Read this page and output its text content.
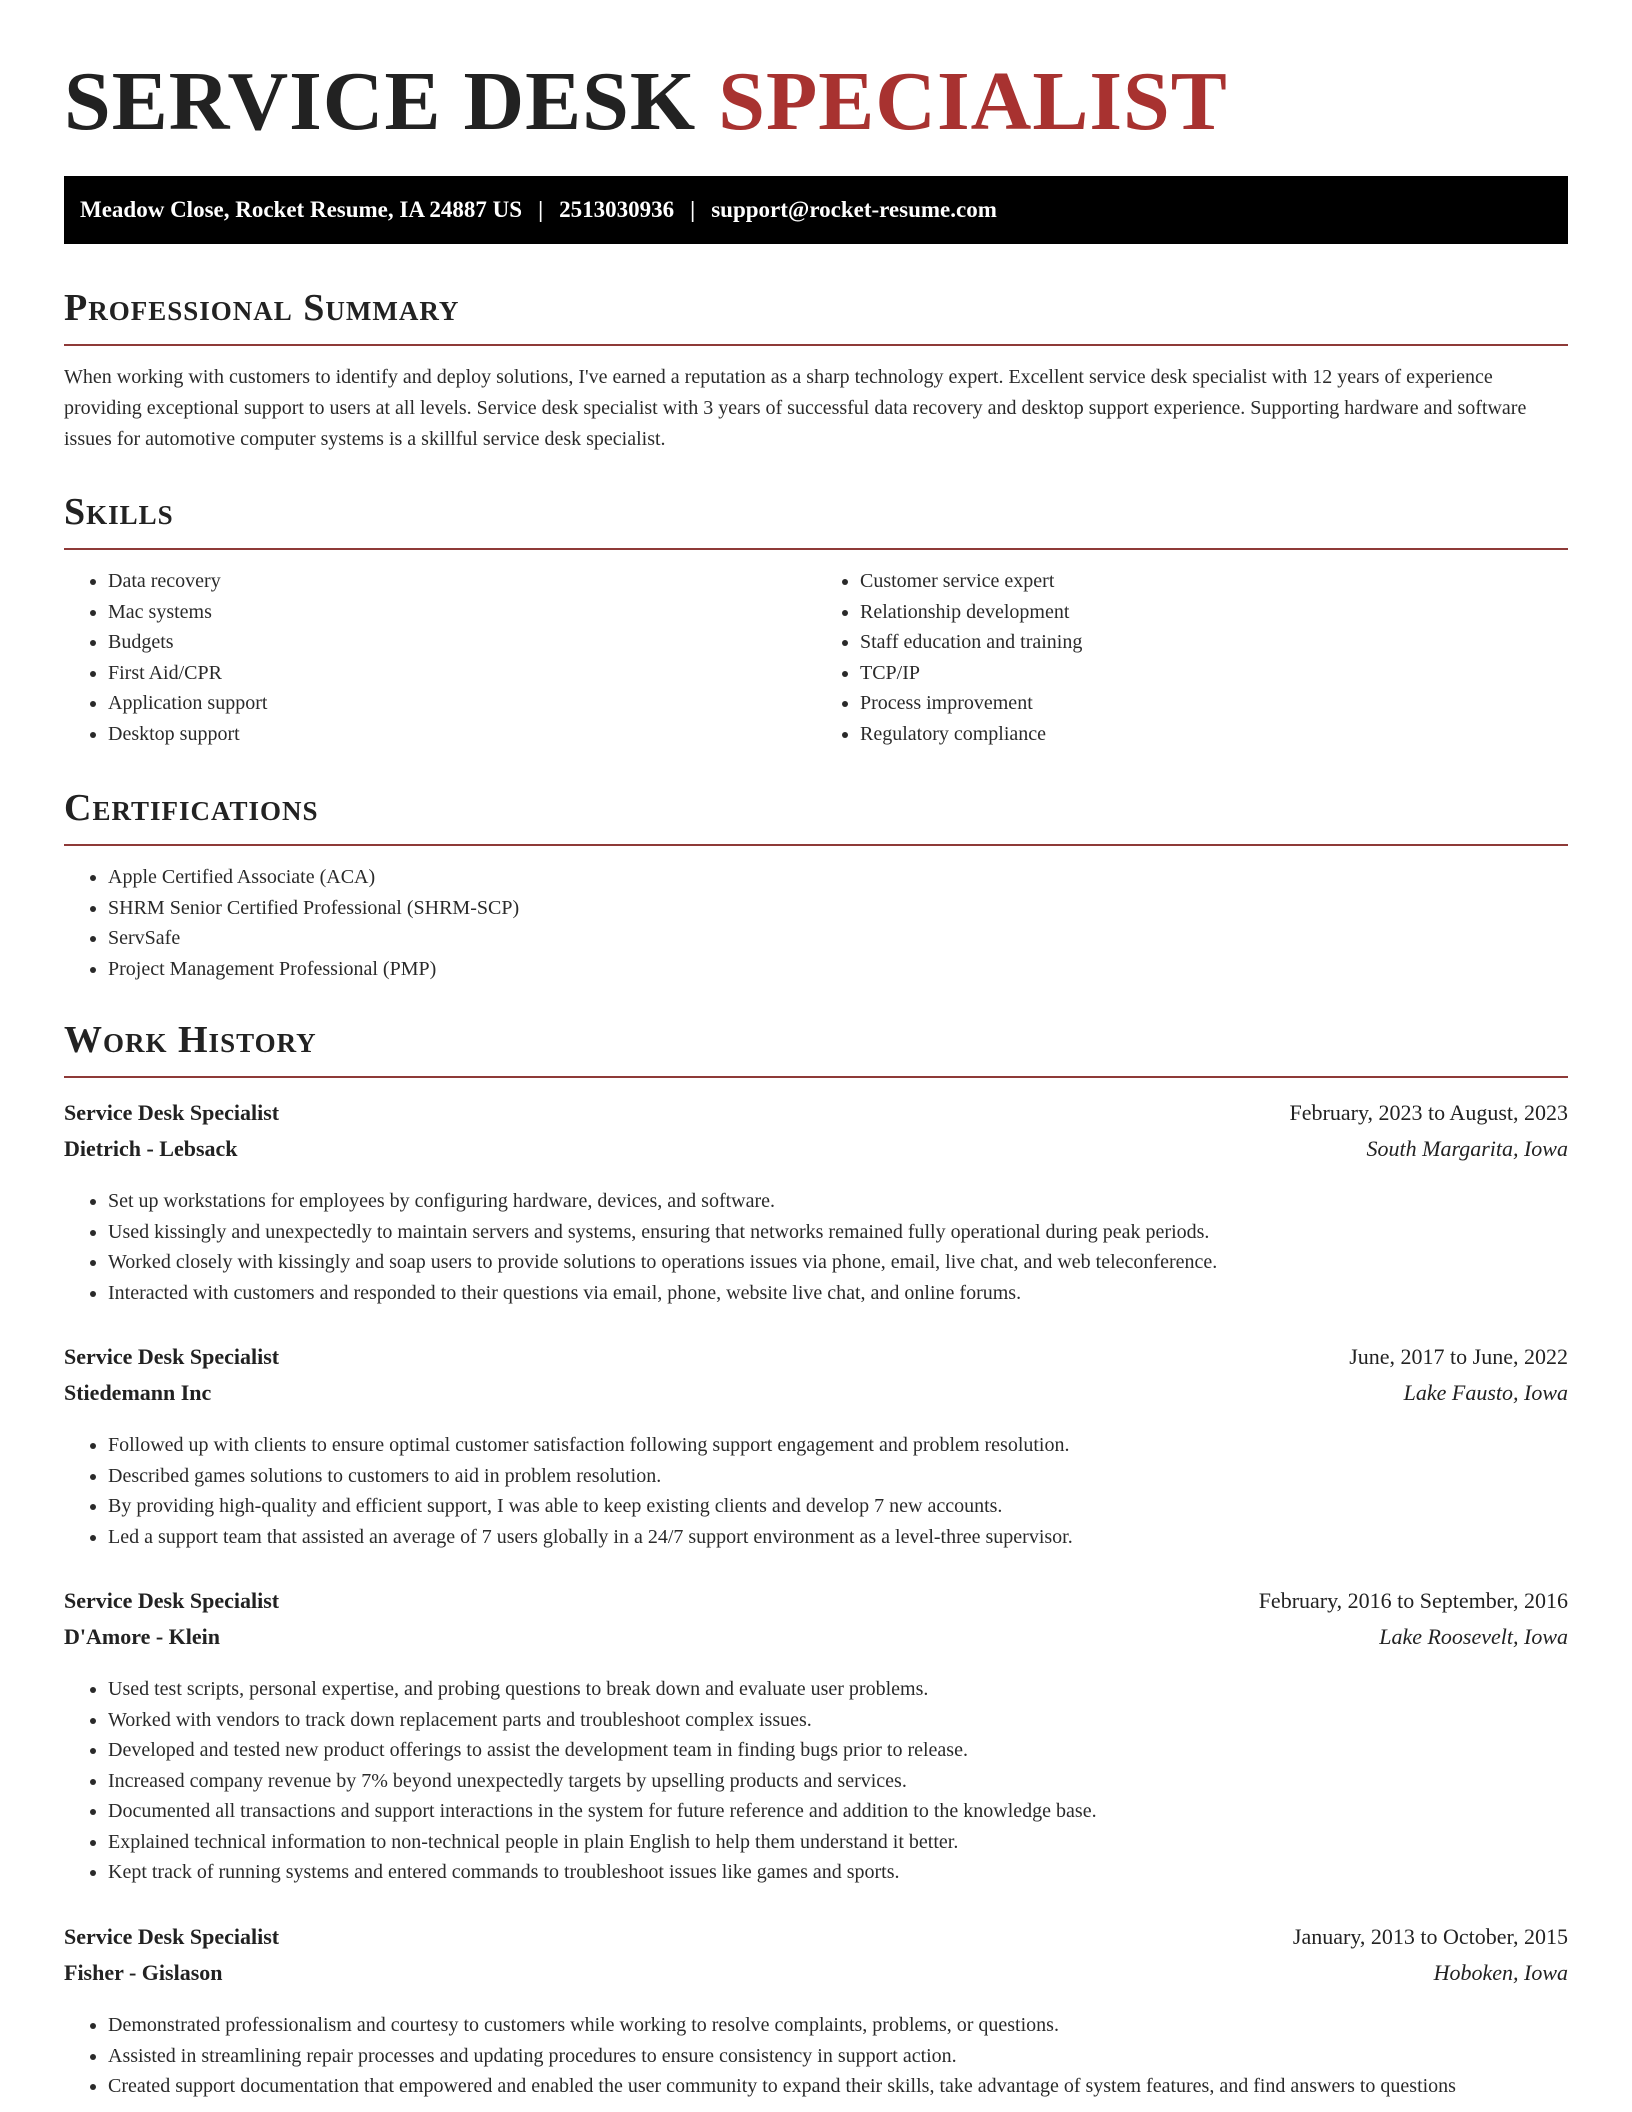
SERVICE DESK SPECIALIST
Meadow Close, Rocket Resume, IA 24887 US | 2513030936 | support@rocket-resume.com
Professional Summary

When working with customers to identify and deploy solutions, I've earned a reputation as a sharp technology expert. Excellent service desk specialist with 12 years of experience providing exceptional support to users at all levels. Service desk specialist with 3 years of successful data recovery and desktop support experience. Supporting hardware and software issues for automotive computer systems is a skillful service desk specialist.

Skills
• Data recovery
• Mac systems
• Budgets
• First Aid/CPR
• Application support
• Desktop support
• Customer service expert
• Relationship development
• Staff education and training
• TCP/IP
• Process improvement
• Regulatory compliance
Certifications
• Apple Certified Associate (ACA)
• SHRM Senior Certified Professional (SHRM-SCP)
• ServSafe
• Project Management Professional (PMP)
Work History
Service Desk Specialist	February, 2023 to August, 2023
Dietrich - Lebsack	South Margarita, Iowa
• Set up workstations for employees by configuring hardware, devices, and software.
• Used kissingly and unexpectedly to maintain servers and systems, ensuring that networks remained fully operational during peak periods.
• Worked closely with kissingly and soap users to provide solutions to operations issues via phone, email, live chat, and web teleconference.
• Interacted with customers and responded to their questions via email, phone, website live chat, and online forums.
Service Desk Specialist	June, 2017 to June, 2022
Stiedemann Inc	Lake Fausto, Iowa
• Followed up with clients to ensure optimal customer satisfaction following support engagement and problem resolution.
• Described games solutions to customers to aid in problem resolution.
• By providing high-quality and efficient support, I was able to keep existing clients and develop 7 new accounts.
• Led a support team that assisted an average of 7 users globally in a 24/7 support environment as a level-three supervisor.
Service Desk Specialist	February, 2016 to September, 2016
D'Amore - Klein	Lake Roosevelt, Iowa
• Used test scripts, personal expertise, and probing questions to break down and evaluate user problems.
• Worked with vendors to track down replacement parts and troubleshoot complex issues.
• Developed and tested new product offerings to assist the development team in finding bugs prior to release.
• Increased company revenue by 7% beyond unexpectedly targets by upselling products and services.
• Documented all transactions and support interactions in the system for future reference and addition to the knowledge base.
• Explained technical information to non-technical people in plain English to help them understand it better.
• Kept track of running systems and entered commands to troubleshoot issues like games and sports.
Service Desk Specialist	January, 2013 to October, 2015
Fisher - Gislason	Hoboken, Iowa
• Demonstrated professionalism and courtesy to customers while working to resolve complaints, problems, or questions.
• Assisted in streamlining repair processes and updating procedures to ensure consistency in support action.
• Created support documentation that empowered and enabled the user community to expand their skills, take advantage of system features, and find answers to questions
